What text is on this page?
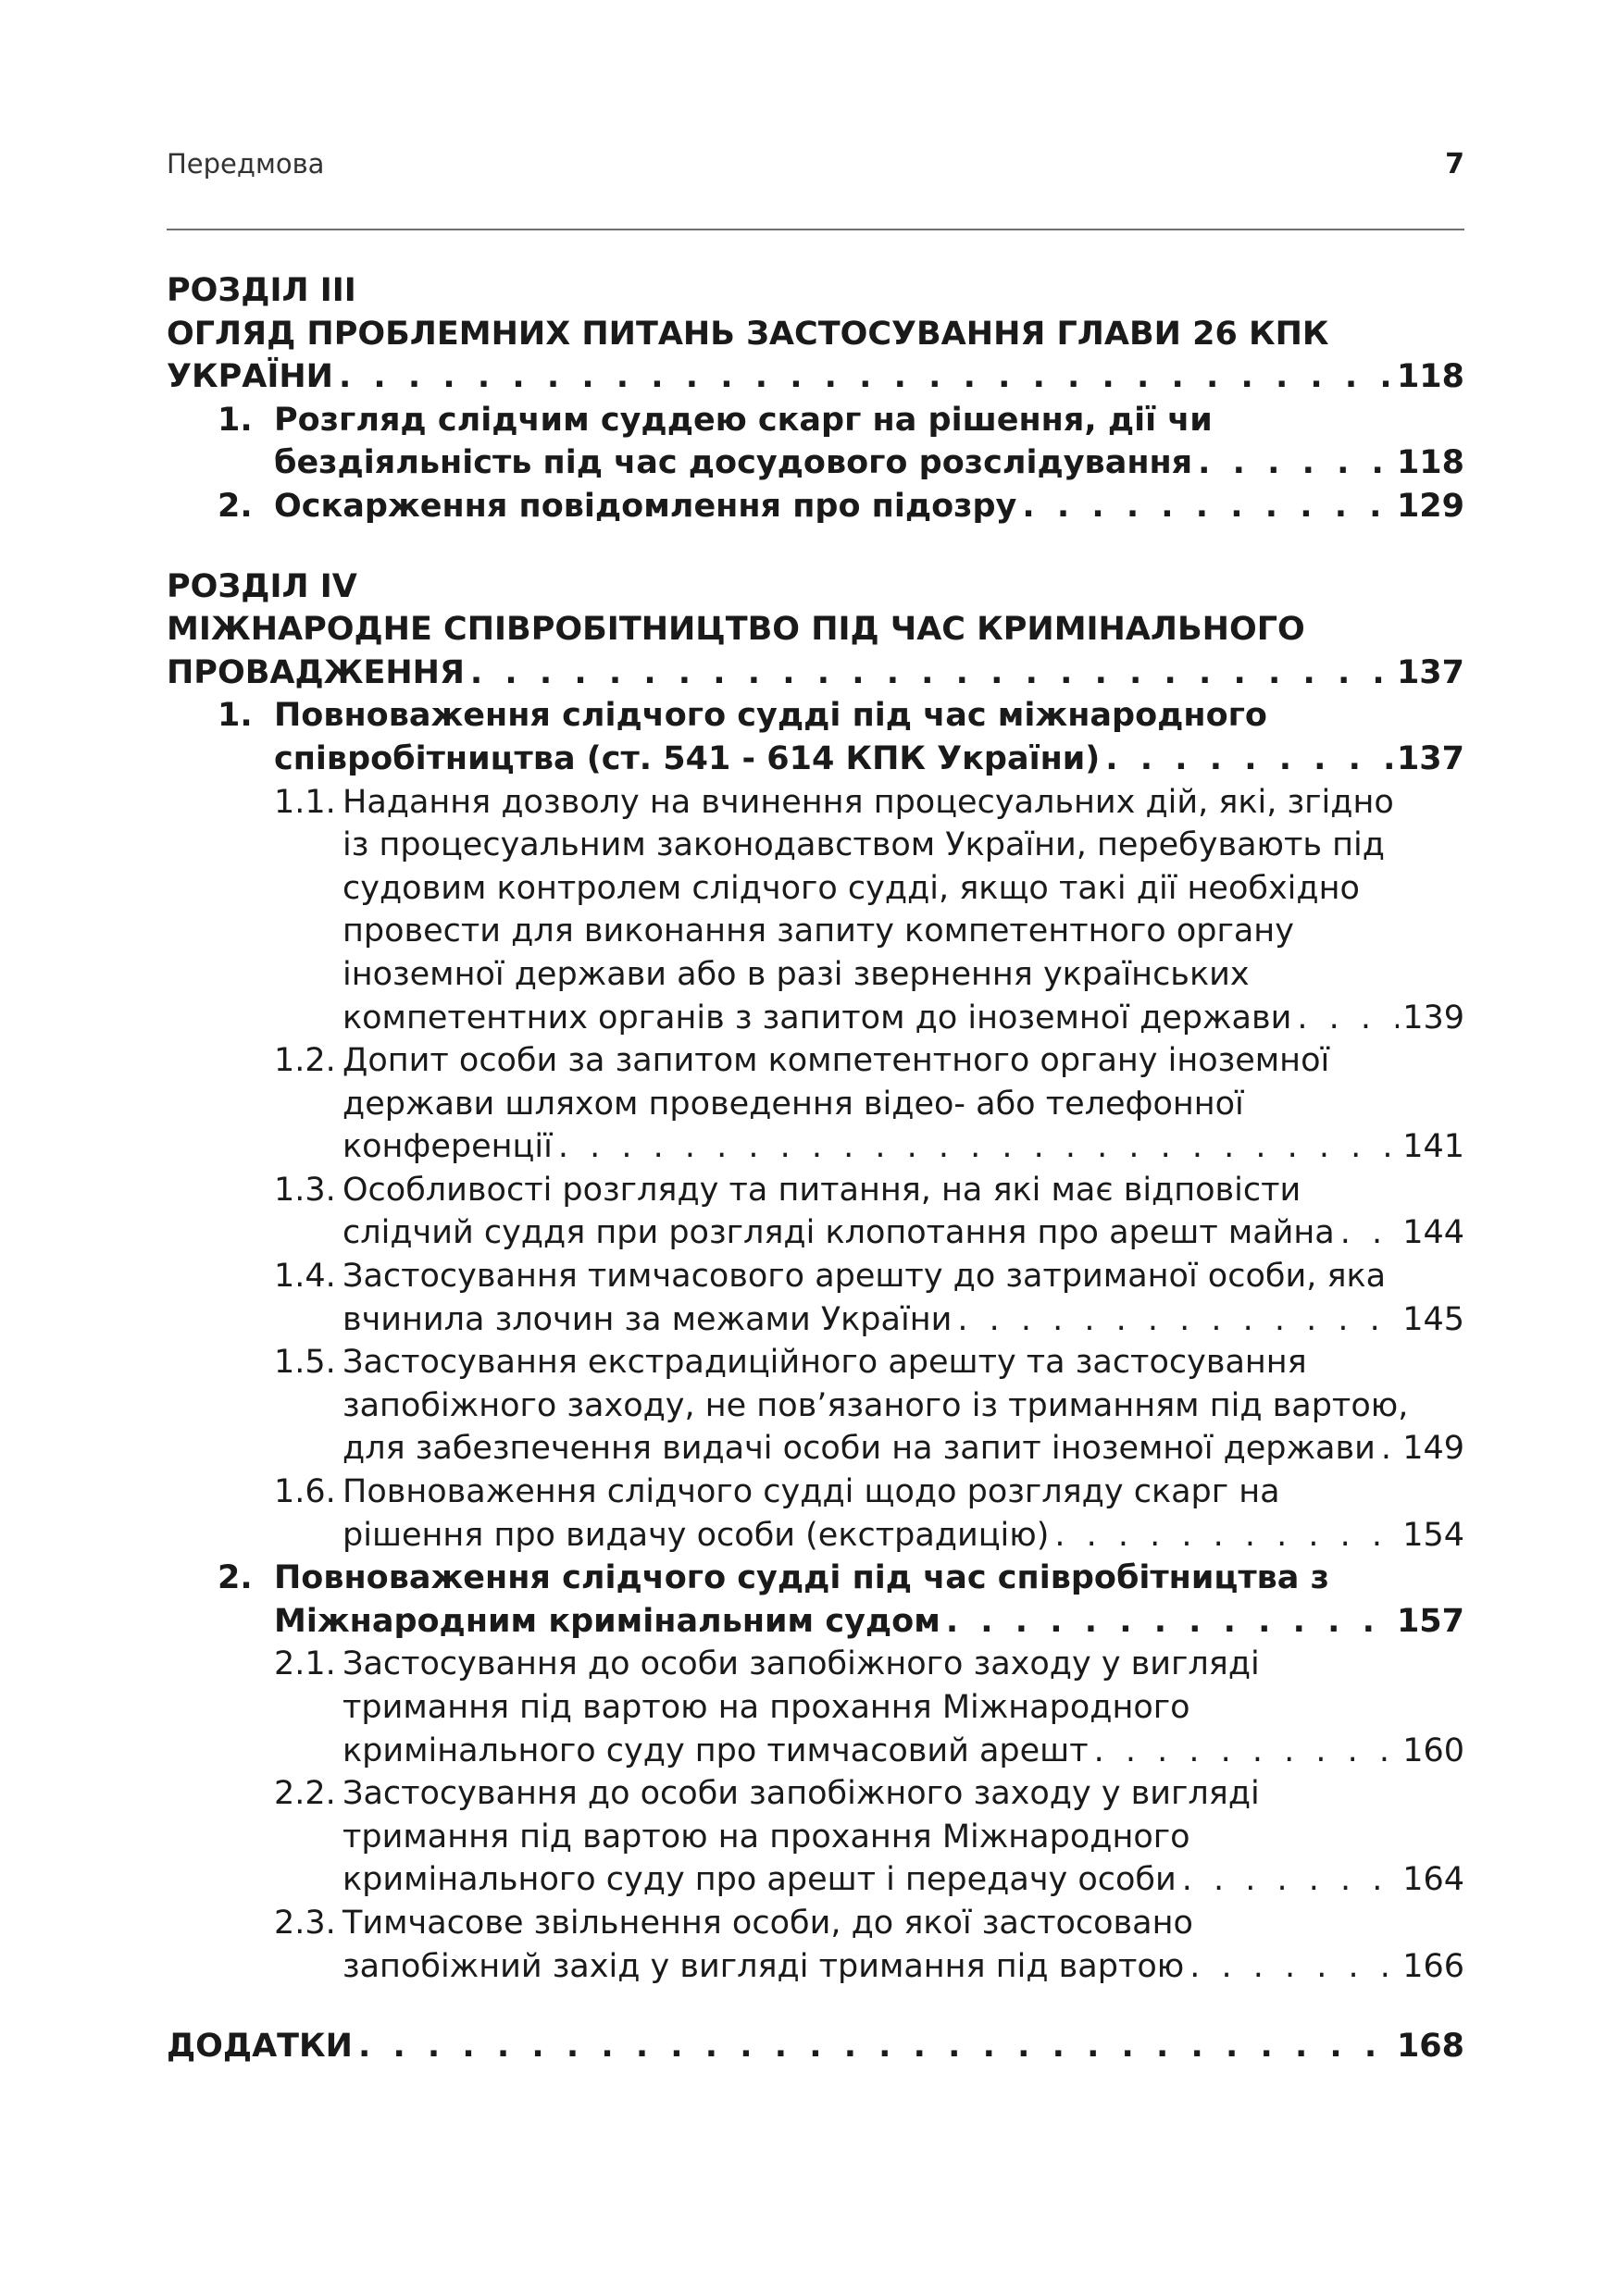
Передмова	7
РОЗДІЛ III
ОГЛЯД ПРОБЛЕМНИХ ПИТАНЬ ЗАСТОСУВАННЯ ГЛАВИ 26 КПК
УКРАЇНИ . . .	118
1. Розгляд слідчим суддею скарг на рішення, дії чи
бездіяльність під час досудового розслідування . . .	118
2. Оскарження повідомлення про підозру . . .	129
РОЗДІЛ IV
МІЖНАРОДНЕ СПІВРОБІТНИЦТВО ПІД ЧАС КРИМІНАЛЬНОГО
ПРОВАДЖЕННЯ . . .	137
1. Повноваження слідчого судді під час міжнародного
співробітництва (ст. 541 - 614 КПК України) . . .	137
1.1. Надання дозволу на вчинення процесуальних дій, які, згідно
із процесуальним законодавством України, перебувають під
судовим контролем слідчого судді, якщо такі дії необхідно
провести для виконання запиту компетентного органу
іноземної держави або в разі звернення українських
компетентних органів з запитом до іноземної держави . . .	139
1.2. Допит особи за запитом компетентного органу іноземної
держави шляхом проведення відео- або телефонної
конференції . . .	141
1.3. Особливості розгляду та питання, на які має відповісти
слідчий суддя при розгляді клопотання про арешт майна . . . 144
1.4. Застосування тимчасового арешту до затриманої особи, яка
вчинила злочин за межами України . . .	145
1.5. Застосування екстрадиційного арешту та застосування
запобіжного заходу, не пов’язаного із триманням під вартою,
для забезпечення видачі особи на запит іноземної держави . . . 149
1.6. Повноваження слідчого судді щодо розгляду скарг на
рішення про видачу особи (екстрадицію) . . .	154
2. Повноваження слідчого судді під час співробітництва з
Міжнародним кримінальним судом . . .	157
2.1. Застосування до особи запобіжного заходу у вигляді
тримання під вартою на прохання Міжнародного
кримінального суду про тимчасовий арешт . . .	160
2.2. Застосування до особи запобіжного заходу у вигляді
тримання під вартою на прохання Міжнародного
кримінального суду про арешт і передачу особи . . .	164
2.3. Тимчасове звільнення особи, до якої застосовано
запобіжний захід у вигляді тримання під вартою . . .	166
ДОДАТКИ . . .	168
